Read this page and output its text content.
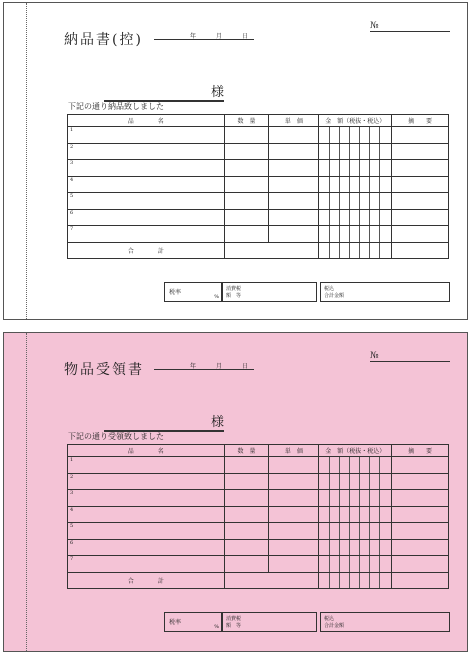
納品書(控)	年	月	日
№
様
下記の通り納品致しました
品　　　　名	数　量	単　価	金　額（税抜・税込）	摘　　要
1			

2			

3			

4			

5			

6			

7			

合　　　　計			

税率
%
消費税
額　等
税込
合計金額
物品受領書	年	月	日
№
様
下記の通り受領致しました
品　　　　名	数　量	単　価	金　額（税抜・税込）	摘　　要
1			

2			

3			

4			

5			

6			

7			

合　　　　計			

税率
%
消費税
額　等
税込
合計金額
